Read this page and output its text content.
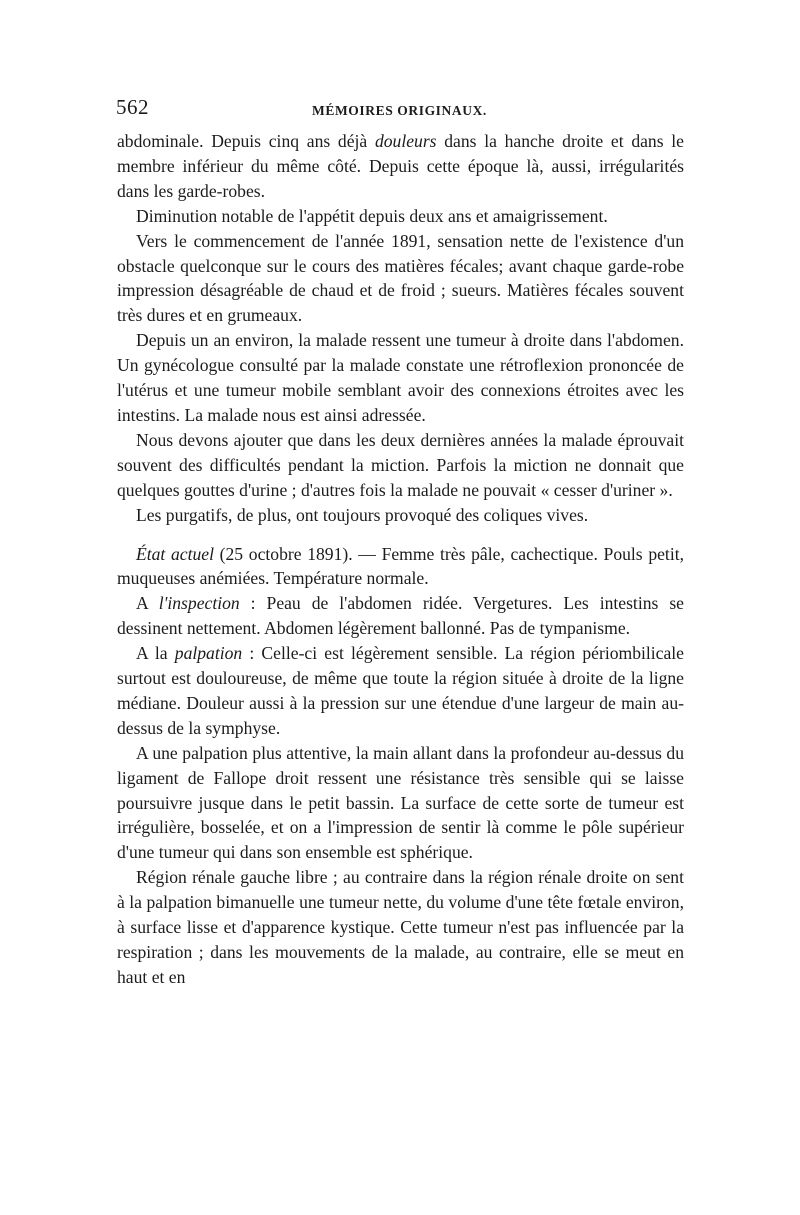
562	MÉMOIRES ORIGINAUX.

abdominale. Depuis cinq ans déjà douleurs dans la hanche droite et dans le membre inférieur du même côté. Depuis cette époque là, aussi, irrégularités dans les garde-robes.

Diminution notable de l'appétit depuis deux ans et amaigrissement.

Vers le commencement de l'année 1891, sensation nette de l'existence d'un obstacle quelconque sur le cours des matières fécales; avant chaque garde-robe impression désagréable de chaud et de froid ; sueurs. Matières fécales souvent très dures et en grumeaux.

Depuis un an environ, la malade ressent une tumeur à droite dans l'abdomen. Un gynécologue consulté par la malade constate une rétroflexion prononcée de l'utérus et une tumeur mobile semblant avoir des connexions étroites avec les intestins. La malade nous est ainsi adressée.

Nous devons ajouter que dans les deux dernières années la malade éprouvait souvent des difficultés pendant la miction. Parfois la miction ne donnait que quelques gouttes d'urine ; d'autres fois la malade ne pouvait « cesser d'uriner ».

Les purgatifs, de plus, ont toujours provoqué des coliques vives.

État actuel (25 octobre 1891). — Femme très pâle, cachectique. Pouls petit, muqueuses anémiées. Température normale.

A l'inspection : Peau de l'abdomen ridée. Vergetures. Les intestins se dessinent nettement. Abdomen légèrement ballonné. Pas de tympanisme.

A la palpation : Celle-ci est légèrement sensible. La région périombilicale surtout est douloureuse, de même que toute la région située à droite de la ligne médiane. Douleur aussi à la pression sur une étendue d'une largeur de main au-dessus de la symphyse.

A une palpation plus attentive, la main allant dans la profondeur au-dessus du ligament de Fallope droit ressent une résistance très sensible qui se laisse poursuivre jusque dans le petit bassin. La surface de cette sorte de tumeur est irrégulière, bosselée, et on a l'impression de sentir là comme le pôle supérieur d'une tumeur qui dans son ensemble est sphérique.

Région rénale gauche libre ; au contraire dans la région rénale droite on sent à la palpation bimanuelle une tumeur nette, du volume d'une tête fœtale environ, à surface lisse et d'apparence kystique. Cette tumeur n'est pas influencée par la respiration ; dans les mouvements de la malade, au contraire, elle se meut en haut et en
